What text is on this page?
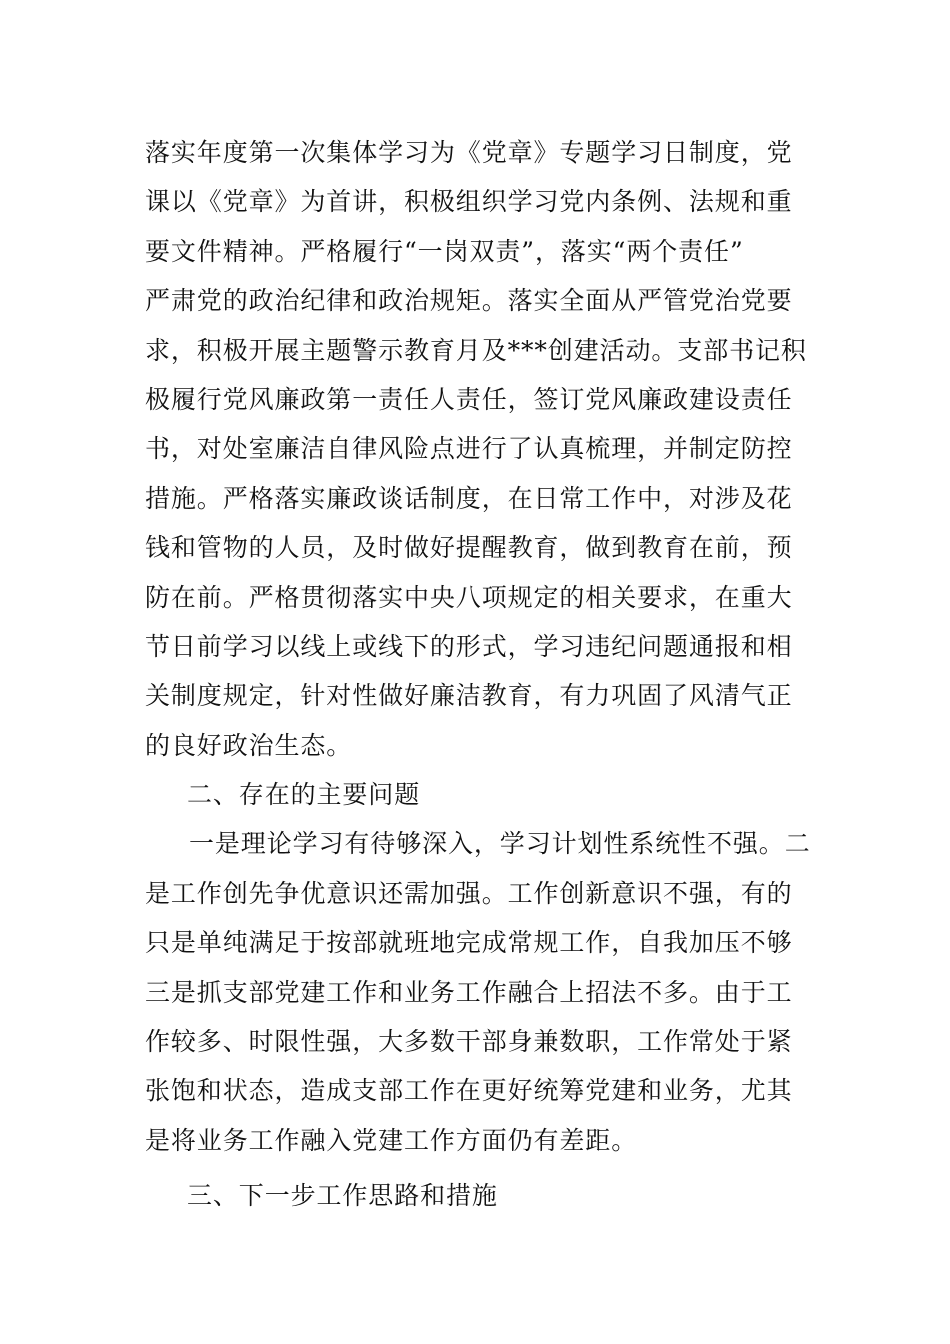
落实年度第一次集体学习为《党章》专题学习日制度，党
课以《党章》为首讲，积极组织学习党内条例、法规和重
要文件精神。严格履行“一岗双责”，落实“两个责任”
严肃党的政治纪律和政治规矩。落实全面从严管党治党要
求，积极开展主题警示教育月及***创建活动。支部书记积
极履行党风廉政第一责任人责任，签订党风廉政建设责任
书，对处室廉洁自律风险点进行了认真梳理，并制定防控
措施。严格落实廉政谈话制度，在日常工作中，对涉及花
钱和管物的人员，及时做好提醒教育，做到教育在前，预
防在前。严格贯彻落实中央八项规定的相关要求，在重大
节日前学习以线上或线下的形式，学习违纪问题通报和相
关制度规定，针对性做好廉洁教育，有力巩固了风清气正
的良好政治生态。
二、存在的主要问题
一是理论学习有待够深入，学习计划性系统性不强。二
是工作创先争优意识还需加强。工作创新意识不强，有的
只是单纯满足于按部就班地完成常规工作，自我加压不够
三是抓支部党建工作和业务工作融合上招法不多。由于工
作较多、时限性强，大多数干部身兼数职，工作常处于紧
张饱和状态，造成支部工作在更好统筹党建和业务，尤其
是将业务工作融入党建工作方面仍有差距。
三、下一步工作思路和措施
